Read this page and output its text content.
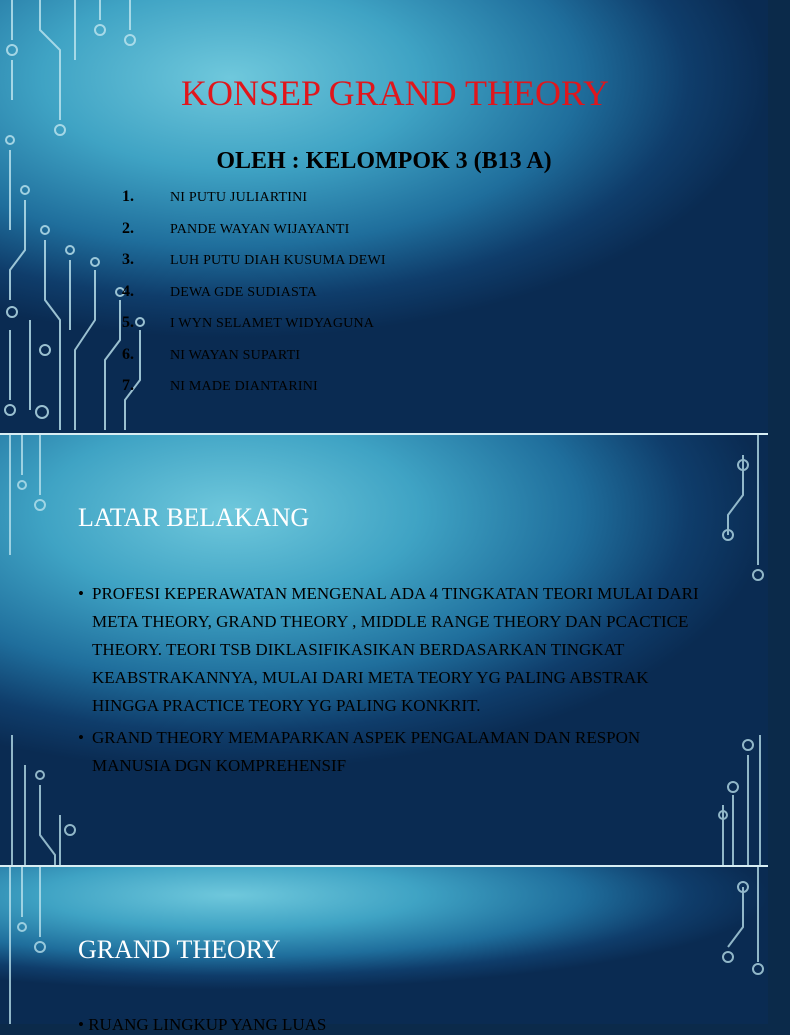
KONSEP GRAND THEORY
OLEH : KELOMPOK 3 (B13 A)
1.	NI PUTU JULIARTINI
2.	PANDE WAYAN WIJAYANTI
3.	LUH PUTU DIAH KUSUMA DEWI
4.	DEWA GDE SUDIASTA
5.	I WYN SELAMET WIDYAGUNA
6.	NI WAYAN SUPARTI
7.	NI MADE DIANTARINI
LATAR BELAKANG
• PROFESI KEPERAWATAN MENGENAL ADA 4 TINGKATAN TEORI MULAI DARI META THEORY, GRAND THEORY , MIDDLE RANGE THEORY DAN PCACTICE THEORY. TEORI TSB DIKLASIFIKASIKAN BERDASARKAN TINGKAT KEABSTRAKANNYA, MULAI DARI META TEORY YG PALING ABSTRAK HINGGA PRACTICE TEORY YG PALING KONKRIT.
• GRAND THEORY MEMAPARKAN ASPEK PENGALAMAN DAN RESPON MANUSIA DGN KOMPREHENSIF
GRAND THEORY
• RUANG LINGKUP YANG LUAS
